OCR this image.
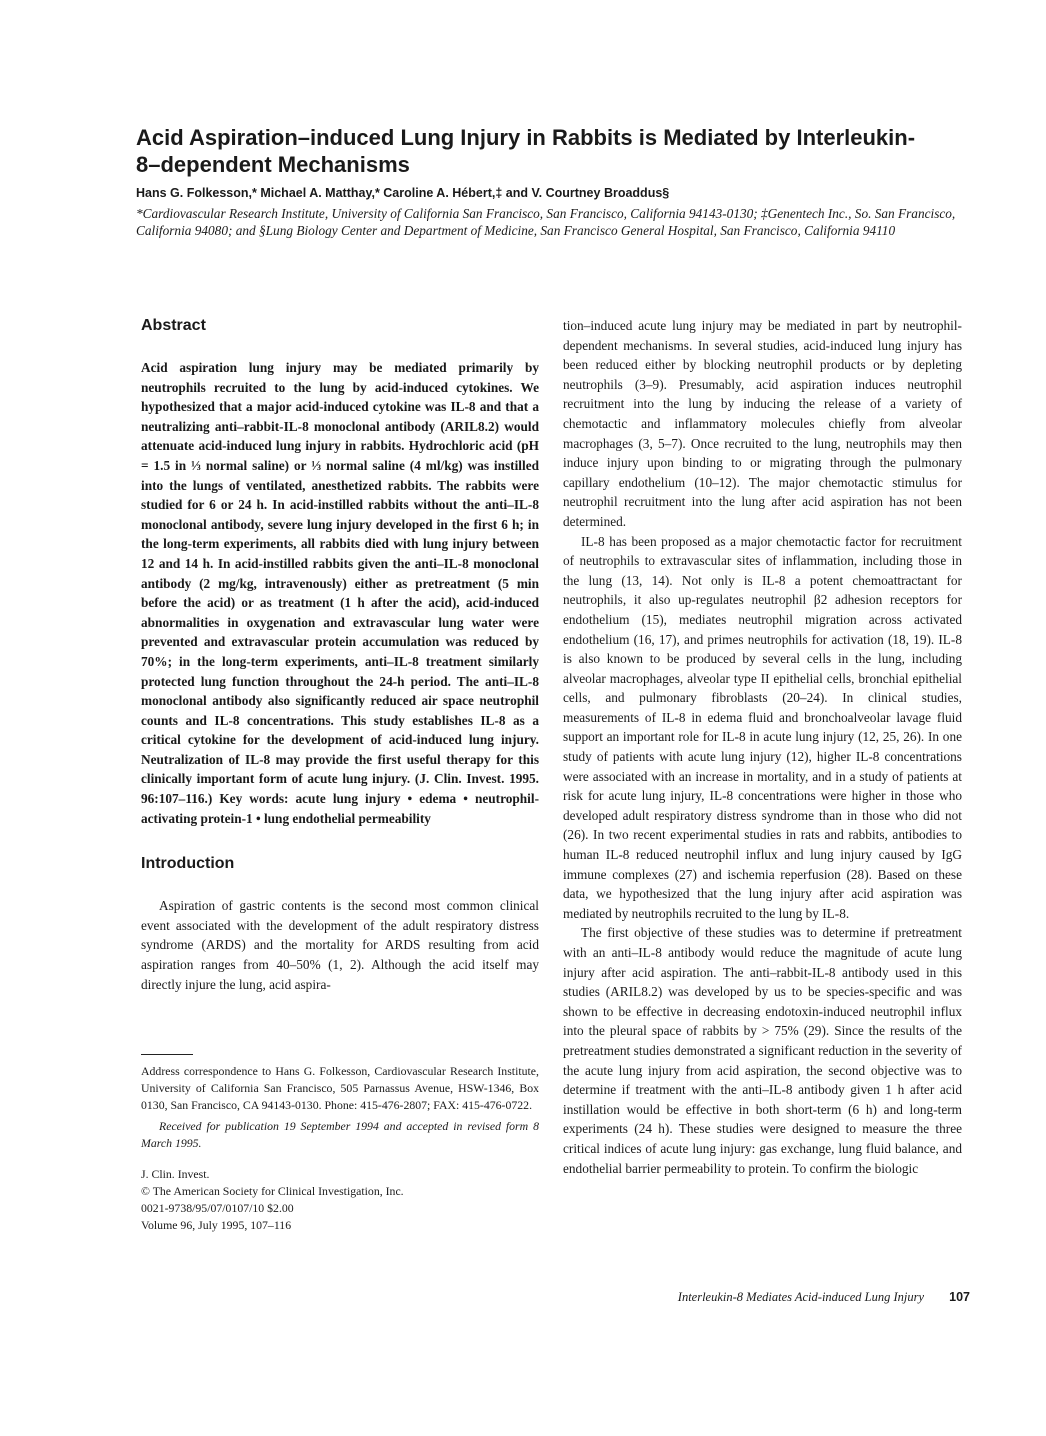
Acid Aspiration–induced Lung Injury in Rabbits is Mediated by Interleukin-8–dependent Mechanisms
Hans G. Folkesson,* Michael A. Matthay,* Caroline A. Hébert,‡ and V. Courtney Broaddus§
*Cardiovascular Research Institute, University of California San Francisco, San Francisco, California 94143-0130; ‡Genentech Inc., So. San Francisco, California 94080; and §Lung Biology Center and Department of Medicine, San Francisco General Hospital, San Francisco, California 94110
Abstract

Acid aspiration lung injury may be mediated primarily by neutrophils recruited to the lung by acid-induced cytokines. We hypothesized that a major acid-induced cytokine was IL-8 and that a neutralizing anti–rabbit-IL-8 monoclonal antibody (ARIL8.2) would attenuate acid-induced lung injury in rabbits. Hydrochloric acid (pH = 1.5 in ⅓ normal saline) or ⅓ normal saline (4 ml/kg) was instilled into the lungs of ventilated, anesthetized rabbits. The rabbits were studied for 6 or 24 h. In acid-instilled rabbits without the anti–IL-8 monoclonal antibody, severe lung injury developed in the first 6 h; in the long-term experiments, all rabbits died with lung injury between 12 and 14 h. In acid-instilled rabbits given the anti–IL-8 monoclonal antibody (2 mg/kg, intravenously) either as pretreatment (5 min before the acid) or as treatment (1 h after the acid), acid-induced abnormalities in oxygenation and extravascular lung water were prevented and extravascular protein accumulation was reduced by 70%; in the long-term experiments, anti–IL-8 treatment similarly protected lung function throughout the 24-h period. The anti–IL-8 monoclonal antibody also significantly reduced air space neutrophil counts and IL-8 concentrations. This study establishes IL-8 as a critical cytokine for the development of acid-induced lung injury. Neutralization of IL-8 may provide the first useful therapy for this clinically important form of acute lung injury. (J. Clin. Invest. 1995. 96:107–116.) Key words: acute lung injury • edema • neutrophil-activating protein-1 • lung endothelial permeability

Introduction

Aspiration of gastric contents is the second most common clinical event associated with the development of the adult respiratory distress syndrome (ARDS) and the mortality for ARDS resulting from acid aspiration ranges from 40–50% (1, 2). Although the acid itself may directly injure the lung, acid aspira-

Address correspondence to Hans G. Folkesson, Cardiovascular Research Institute, University of California San Francisco, 505 Parnassus Avenue, HSW-1346, Box 0130, San Francisco, CA 94143-0130. Phone: 415-476-2807; FAX: 415-476-0722.

Received for publication 19 September 1994 and accepted in revised form 8 March 1995.

J. Clin. Invest.
© The American Society for Clinical Investigation, Inc.
0021-9738/95/07/0107/10 $2.00
Volume 96, July 1995, 107–116

tion–induced acute lung injury may be mediated in part by neutrophil-dependent mechanisms. In several studies, acid-induced lung injury has been reduced either by blocking neutrophil products or by depleting neutrophils (3–9). Presumably, acid aspiration induces neutrophil recruitment into the lung by inducing the release of a variety of chemotactic and inflammatory molecules chiefly from alveolar macrophages (3, 5–7). Once recruited to the lung, neutrophils may then induce injury upon binding to or migrating through the pulmonary capillary endothelium (10–12). The major chemotactic stimulus for neutrophil recruitment into the lung after acid aspiration has not been determined.

IL-8 has been proposed as a major chemotactic factor for recruitment of neutrophils to extravascular sites of inflammation, including those in the lung (13, 14). Not only is IL-8 a potent chemoattractant for neutrophils, it also up-regulates neutrophil β2 adhesion receptors for endothelium (15), mediates neutrophil migration across activated endothelium (16, 17), and primes neutrophils for activation (18, 19). IL-8 is also known to be produced by several cells in the lung, including alveolar macrophages, alveolar type II epithelial cells, bronchial epithelial cells, and pulmonary fibroblasts (20–24). In clinical studies, measurements of IL-8 in edema fluid and bronchoalveolar lavage fluid support an important role for IL-8 in acute lung injury (12, 25, 26). In one study of patients with acute lung injury (12), higher IL-8 concentrations were associated with an increase in mortality, and in a study of patients at risk for acute lung injury, IL-8 concentrations were higher in those who developed adult respiratory distress syndrome than in those who did not (26). In two recent experimental studies in rats and rabbits, antibodies to human IL-8 reduced neutrophil influx and lung injury caused by IgG immune complexes (27) and ischemia reperfusion (28). Based on these data, we hypothesized that the lung injury after acid aspiration was mediated by neutrophils recruited to the lung by IL-8.

The first objective of these studies was to determine if pretreatment with an anti–IL-8 antibody would reduce the magnitude of acute lung injury after acid aspiration. The anti–rabbit-IL-8 antibody used in this studies (ARIL8.2) was developed by us to be species-specific and was shown to be effective in decreasing endotoxin-induced neutrophil influx into the pleural space of rabbits by > 75% (29). Since the results of the pretreatment studies demonstrated a significant reduction in the severity of the acute lung injury from acid aspiration, the second objective was to determine if treatment with the anti–IL-8 antibody given 1 h after acid instillation would be effective in both short-term (6 h) and long-term experiments (24 h). These studies were designed to measure the three critical indices of acute lung injury: gas exchange, lung fluid balance, and endothelial barrier permeability to protein. To confirm the biologic

Interleukin-8 Mediates Acid-induced Lung Injury 107
